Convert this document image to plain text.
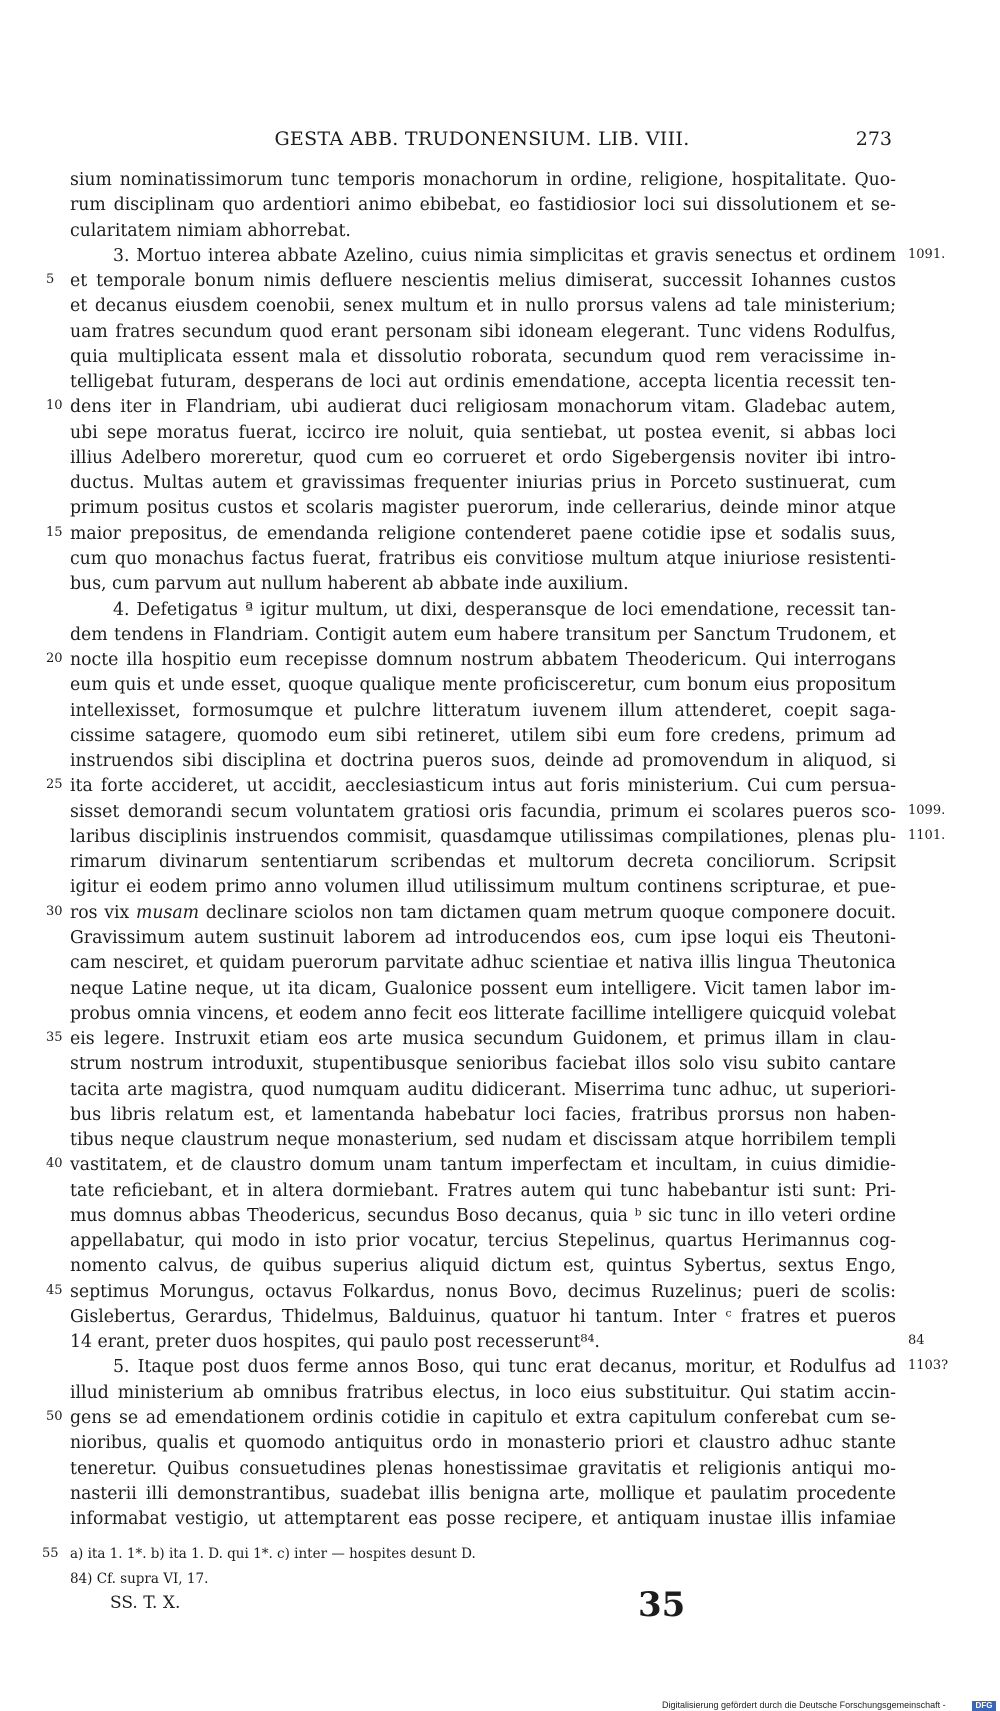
GESTA ABB. TRUDONENSIUM. LIB. VIII.	273
sium nominatissimorum tunc temporis monachorum in ordine, religione, hospitalitate. Quo-
rum disciplinam quo ardentiori animo ebibebat, eo fastidiosior loci sui dissolutionem et se-
cularitatem nimiam abhorrebat.
3. Mortuo interea abbate Azelino, cuius nimia simplicitas et gravis senectus et ordinem 1091.
5 et temporale bonum nimis defluere nescientis melius dimiserat, successit Iohannes custos
et decanus eiusdem coenobii, senex multum et in nullo prorsus valens ad tale ministerium;
uam fratres secundum quod erant personam sibi idoneam elegerant. Tunc videns Rodulfus,
quia multiplicata essent mala et dissolutio roborata, secundum quod rem veracissime in-
telligebat futuram, desperans de loci aut ordinis emendatione, accepta licentia recessit ten-
10 dens iter in Flandriam, ubi audierat duci religiosam monachorum vitam. Gladebac autem,
ubi sepe moratus fuerat, iccirco ire noluit, quia sentiebat, ut postea evenit, si abbas loci
illius Adelbero moreretur, quod cum eo corrueret et ordo Sigebergensis noviter ibi intro-
ductus. Multas autem et gravissimas frequenter iniurias prius in Porceto sustinuerat, cum
primum positus custos et scolaris magister puerorum, inde cellerarius, deinde minor atque
15 maior prepositus, de emendanda religione contenderet paene cotidie ipse et sodalis suus,
cum quo monachus factus fuerat, fratribus eis convitiose multum atque iniuriose resistenti-
bus, cum parvum aut nullum haberent ab abbate inde auxilium.
4. Defetigatus ª igitur multum, ut dixi, desperansque de loci emendatione, recessit tan-
dem tendens in Flandriam. Contigit autem eum habere transitum per Sanctum Trudonem, et
20 nocte illa hospitio eum recepisse domnum nostrum abbatem Theodericum. Qui interrogans
eum quis et unde esset, quoque qualique mente proficisceretur, cum bonum eius propositum
intellexisset, formosumque et pulchre litteratum iuvenem illum attenderet, coepit saga-
cissime satagere, quomodo eum sibi retineret, utilem sibi eum fore credens, primum ad
instruendos sibi disciplina et doctrina pueros suos, deinde ad promovendum in aliquod, si
25 ita forte accideret, ut accidit, aecclesiasticum intus aut foris ministerium. Cui cum persua-
sisset demorandi secum voluntatem gratiosi oris facundia, primum ei scolares pueros sco- 1099.
laribus disciplinis instruendos commisit, quasdamque utilissimas compilationes, plenas plu- 1101.
rimarum divinarum sententiarum scribendas et multorum decreta conciliorum. Scripsit
igitur ei eodem primo anno volumen illud utilissimum multum continens scripturae, et pue-
30 ros vix musam declinare sciolos non tam dictamen quam metrum quoque componere docuit.
Gravissimum autem sustinuit laborem ad introducendos eos, cum ipse loqui eis Theutoni-
cam nesciret, et quidam puerorum parvitate adhuc scientiae et nativa illis lingua Theutonica
neque Latine neque, ut ita dicam, Gualonice possent eum intelligere. Vicit tamen labor im-
probus omnia vincens, et eodem anno fecit eos litterate facillime intelligere quicquid volebat
35 eis legere. Instruxit etiam eos arte musica secundum Guidonem, et primus illam in clau-
strum nostrum introduxit, stupentibusque senioribus faciebat illos solo visu subito cantare
tacita arte magistra, quod numquam auditu didicerant. Miserrima tunc adhuc, ut superiori-
bus libris relatum est, et lamentanda habebatur loci facies, fratribus prorsus non haben-
tibus neque claustrum neque monasterium, sed nudam et discissam atque horribilem templi
40 vastitatem, et de claustro domum unam tantum imperfectam et incultam, in cuius dimidie-
tate reficiebant, et in altera dormiebant. Fratres autem qui tunc habebantur isti sunt: Pri-
mus domnus abbas Theodericus, secundus Boso decanus, quia ᵇ sic tunc in illo veteri ordine
appellabatur, qui modo in isto prior vocatur, tercius Stepelinus, quartus Herimannus cog-
nomento calvus, de quibus superius aliquid dictum est, quintus Sybertus, sextus Engo,
45 septimus Morungus, octavus Folkardus, nonus Bovo, decimus Ruzelinus; pueri de scolis:
Gislebertus, Gerardus, Thidelmus, Balduinus, quatuor hi tantum. Inter ᶜ fratres et pueros
14 erant, preter duos hospites, qui paulo post recesserunt⁸⁴.	84
5. Itaque post duos ferme annos Boso, qui tunc erat decanus, moritur, et Rodulfus ad 1103?
illud ministerium ab omnibus fratribus electus, in loco eius substituitur. Qui statim accin-
50 gens se ad emendationem ordinis cotidie in capitulo et extra capitulum conferebat cum se-
nioribus, qualis et quomodo antiquitus ordo in monasterio priori et claustro adhuc stante
teneretur. Quibus consuetudines plenas honestissimae gravitatis et religionis antiqui mo-
nasterii illi demonstrantibus, suadebat illis benigna arte, mollique et paulatim procedente
informabat vestigio, ut attemptarent eas posse recipere, et antiquam inustae illis infamiae
55 a) ita 1. 1*. b) ita 1. D. qui 1*. c) inter — hospites desunt D.
84) Cf. supra VI, 17.
SS. T. X.	35
Digitalisierung gefördert durch die Deutsche Forschungsgemeinschaft -	DFG
